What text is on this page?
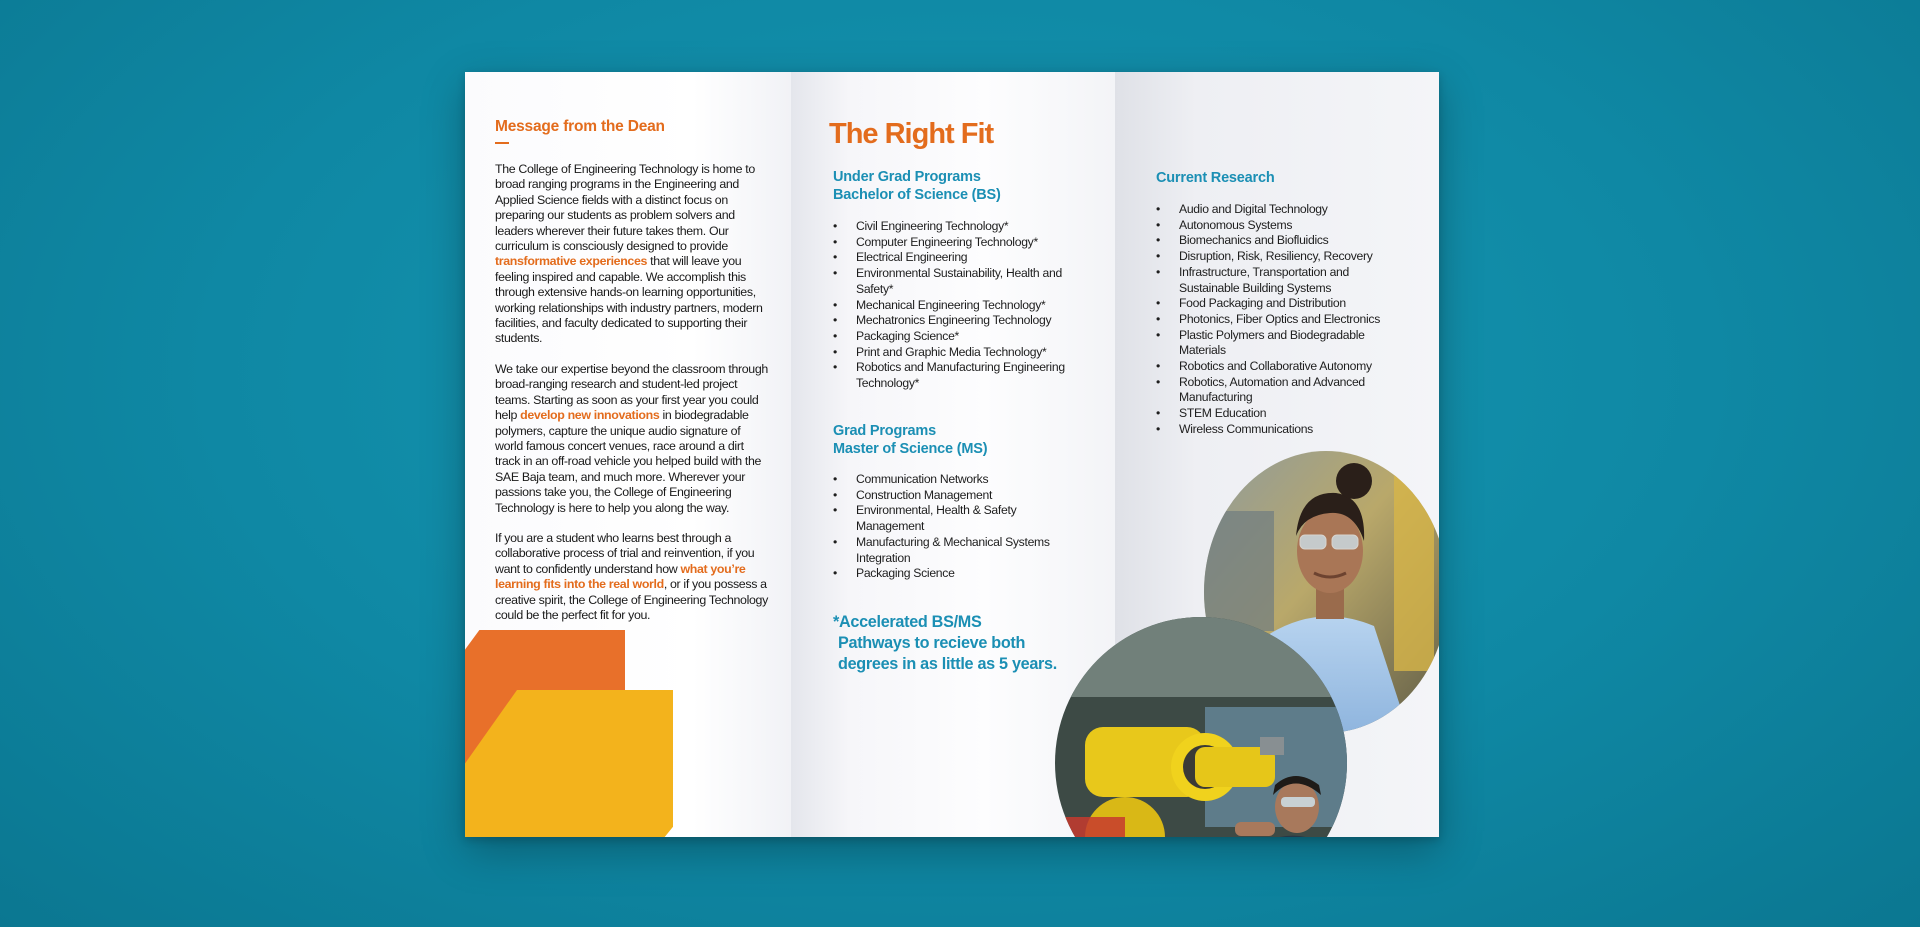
Message from the Dean

The College of Engineering Technology is home to broad ranging programs in the Engineering and Applied Science fields with a distinct focus on preparing our students as problem solvers and leaders wherever their future takes them. Our curriculum is consciously designed to provide transformative experiences that will leave you feeling inspired and capable. We accomplish this through extensive hands-on learning opportunities, working relationships with industry partners, modern facilities, and faculty dedicated to supporting their students.

We take our expertise beyond the classroom through broad-ranging research and student-led project teams. Starting as soon as your first year you could help develop new innovations in biodegradable polymers, capture the unique audio signature of world famous concert venues, race around a dirt track in an off-road vehicle you helped build with the SAE Baja team, and much more. Wherever your passions take you, the College of Engineering Technology is here to help you along the way.

If you are a student who learns best through a collaborative process of trial and reinvention, if you want to confidently understand how what you’re learning fits into the real world, or if you possess a creative spirit, the College of Engineering Technology could be the perfect fit for you.

The Right Fit
Under Grad Programs
Bachelor of Science (BS)
• Civil Engineering Technology*
• Computer Engineering Technology*
• Electrical Engineering
• Environmental Sustainability, Health and Safety*
• Mechanical Engineering Technology*
• Mechatronics Engineering Technology
• Packaging Science*
• Print and Graphic Media Technology*
• Robotics and Manufacturing Engineering Technology*
Grad Programs
Master of Science (MS)
• Communication Networks
• Construction Management
• Environmental, Health & Safety Management
• Manufacturing & Mechanical Systems Integration
• Packaging Science
*Accelerated BS/MS
Pathways to recieve both
degrees in as little as 5 years.
Current Research
• Audio and Digital Technology
• Autonomous Systems
• Biomechanics and Biofluidics
• Disruption, Risk, Resiliency, Recovery
• Infrastructure, Transportation and Sustainable Building Systems
• Food Packaging and Distribution
• Photonics, Fiber Optics and Electronics
• Plastic Polymers and Biodegradable Materials
• Robotics and Collaborative Autonomy
• Robotics, Automation and Advanced Manufacturing
• STEM Education
• Wireless Communications
